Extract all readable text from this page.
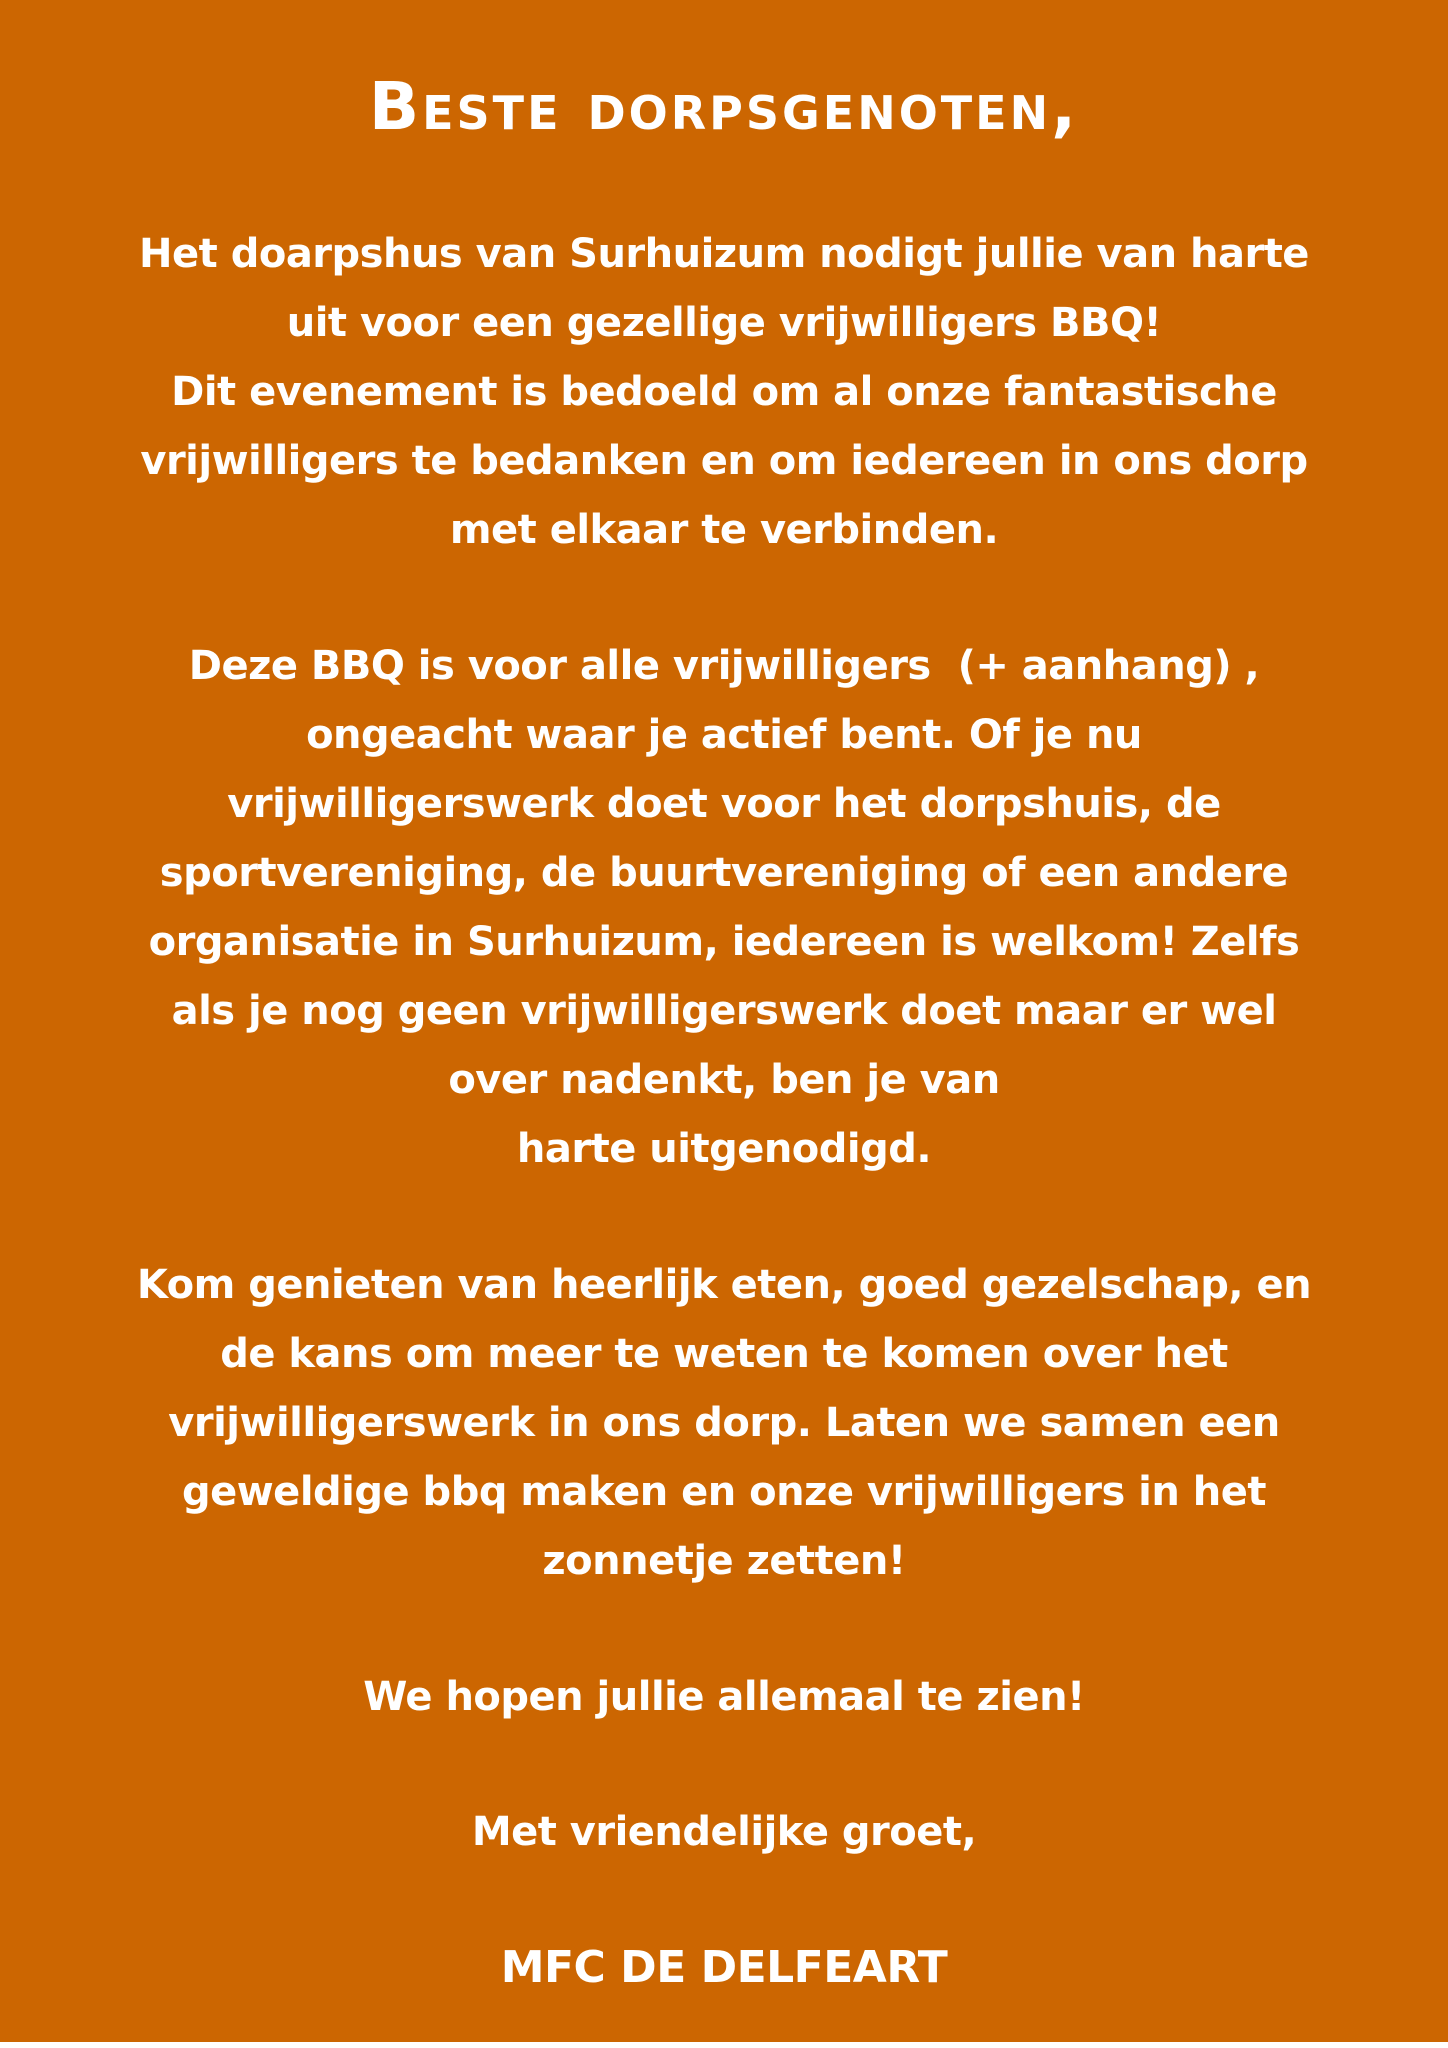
Beste dorpsgenoten,
Het doarpshus van Surhuizum nodigt jullie van harte
uit voor een gezellige vrijwilligers BBQ!
Dit evenement is bedoeld om al onze fantastische
vrijwilligers te bedanken en om iedereen in ons dorp
met elkaar te verbinden.
Deze BBQ is voor alle vrijwilligers  (+ aanhang) ,
ongeacht waar je actief bent. Of je nu
vrijwilligerswerk doet voor het dorpshuis, de
sportvereniging, de buurtvereniging of een andere
organisatie in Surhuizum, iedereen is welkom! Zelfs
als je nog geen vrijwilligerswerk doet maar er wel
over nadenkt, ben je van
harte uitgenodigd.
Kom genieten van heerlijk eten, goed gezelschap, en
de kans om meer te weten te komen over het
vrijwilligerswerk in ons dorp. Laten we samen een
geweldige bbq maken en onze vrijwilligers in het
zonnetje zetten!
We hopen jullie allemaal te zien!
Met vriendelijke groet,
MFC DE DELFEART
